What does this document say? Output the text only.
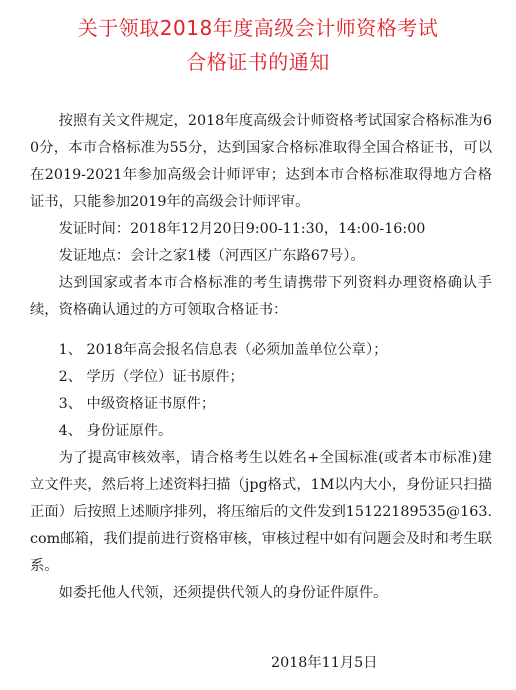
关于领取2018年度高级会计师资格考试
合格证书的通知

按照有关文件规定，2018年度高级会计师资格考试国家合格标准为60分，本市合格标准为55分，达到国家合格标准取得全国合格证书，可以在2019-2021年参加高级会计师评审；达到本市合格标准取得地方合格证书，只能参加2019年的高级会计师评审。

发证时间：2018年12月20日9:00-11:30，14:00-16:00

发证地点：会计之家1楼（河西区广东路67号）。

达到国家或者本市合格标准的考生请携带下列资料办理资格确认手续，资格确认通过的方可领取合格证书：

1、 2018年高会报名信息表（必须加盖单位公章）；

2、 学历（学位）证书原件；

3、 中级资格证书原件；

4、 身份证原件。

为了提高审核效率，请合格考生以姓名+全国标准(或者本市标准)建立文件夹，然后将上述资料扫描（jpg格式，1M以内大小，身份证只扫描正面）后按照上述顺序排列，将压缩后的文件发到15122189535@163.com邮箱，我们提前进行资格审核，审核过程中如有问题会及时和考生联系。

如委托他人代领，还须提供代领人的身份证件原件。

2018年11月5日
